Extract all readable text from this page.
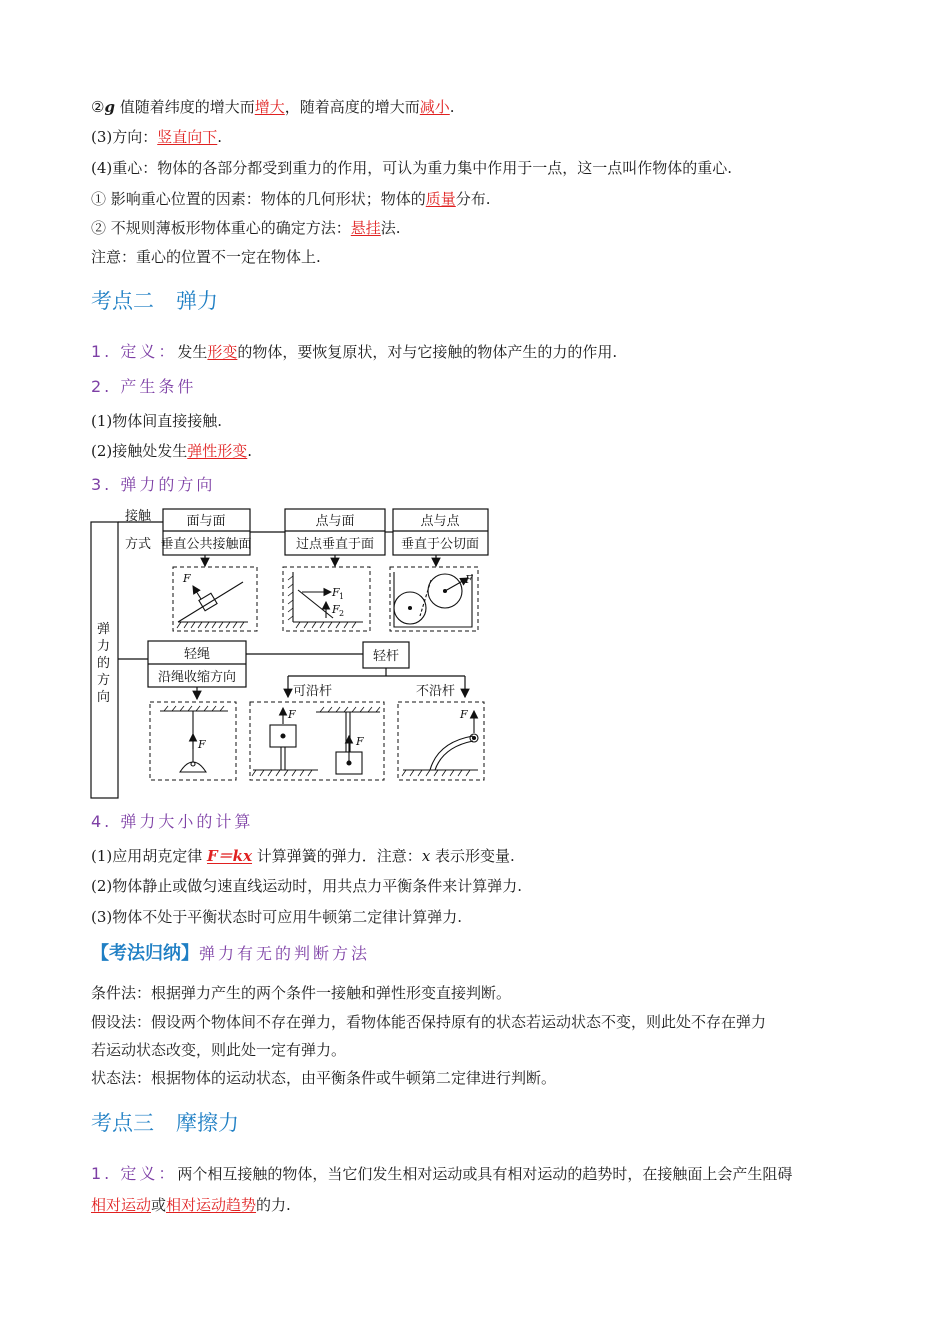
②g 值随着纬度的增大而增大，随着高度的增大而减小.
(3)方向：竖直向下.
(4)重心：物体的各部分都受到重力的作用，可认为重力集中作用于一点，这一点叫作物体的重心.
① 影响重心位置的因素：物体的几何形状；物体的质量分布.
② 不规则薄板形物体重心的确定方法：悬挂法.
注意：重心的位置不一定在物体上.
考点二 弹力
1. 定义：发生形变的物体，要恢复原状，对与它接触的物体产生的力的作用.
2. 产生条件
(1)物体间直接接触.
(2)接触处发生弹性形变.
3. 弹力的方向
弹
力
的
方
向
接触
方式
面与面
垂直公共接触面
点与面
过点垂直于面
点与点
垂直于公切面
轻绳
沿绳收缩方向
轻杆
可沿杆	不沿杆
F
F 1
F 2
F
F
F
F
F
4. 弹力大小的计算
(1)应用胡克定律 F＝kx 计算弹簧的弹力．注意：x 表示形变量.
(2)物体静止或做匀速直线运动时，用共点力平衡条件来计算弹力.
(3)物体不处于平衡状态时可应用牛顿第二定律计算弹力.
【考法归纳】弹力有无的判断方法
条件法：根据弹力产生的两个条件一接触和弹性形变直接判断。
假设法：假设两个物体间不存在弹力，看物体能否保持原有的状态若运动状态不变，则此处不存在弹力
若运动状态改变，则此处一定有弹力。
状态法：根据物体的运动状态，由平衡条件或牛顿第二定律进行判断。
考点三 摩擦力
1. 定义：两个相互接触的物体，当它们发生相对运动或具有相对运动的趋势时，在接触面上会产生阻碍
相对运动或相对运动趋势的力.
